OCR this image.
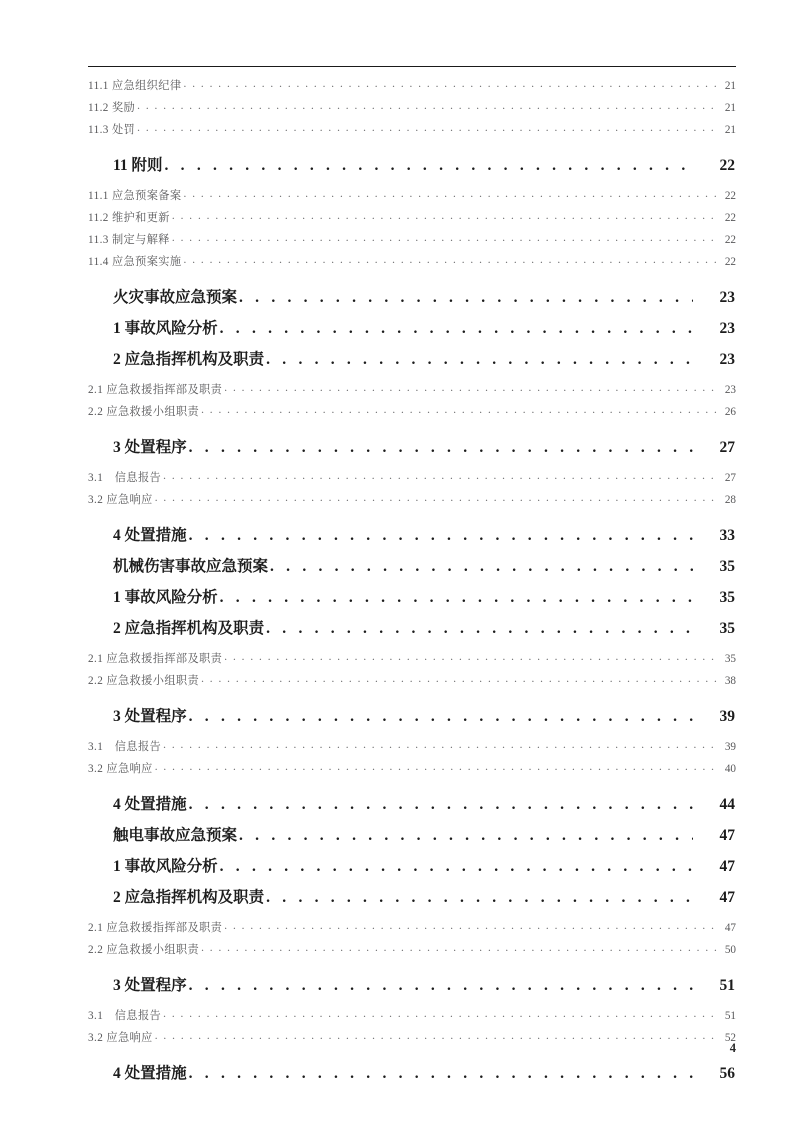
11.1 应急组织纪律 . . .	21
11.2 奖励 . . .	21
11.3 处罚 . . .	21
11 附则 . . .	22
11.1 应急预案备案 . . .	22
11.2 维护和更新 . . .	22
11.3 制定与解释 . . .	22
11.4 应急预案实施 . . .	22
火灾事故应急预案 . . .	23
1 事故风险分析 . . .	23
2 应急指挥机构及职责 . . .	23
2.1 应急救援指挥部及职责 . . .	23
2.2 应急救援小组职责 . . .	26
3 处置程序 . . .	27
3.1　信息报告 . . .	27
3.2 应急响应 . . .	28
4 处置措施 . . .	33
机械伤害事故应急预案 . . .	35
1 事故风险分析 . . .	35
2 应急指挥机构及职责 . . .	35
2.1 应急救援指挥部及职责 . . .	35
2.2 应急救援小组职责 . . .	38
3 处置程序 . . .	39
3.1　信息报告 . . .	39
3.2 应急响应 . . .	40
4 处置措施 . . .	44
触电事故应急预案 . . .	47
1 事故风险分析 . . .	47
2 应急指挥机构及职责 . . .	47
2.1 应急救援指挥部及职责 . . .	47
2.2 应急救援小组职责 . . .	50
3 处置程序 . . .	51
3.1　信息报告 . . .	51
3.2 应急响应 . . .	52
4 处置措施 . . .	56
4
